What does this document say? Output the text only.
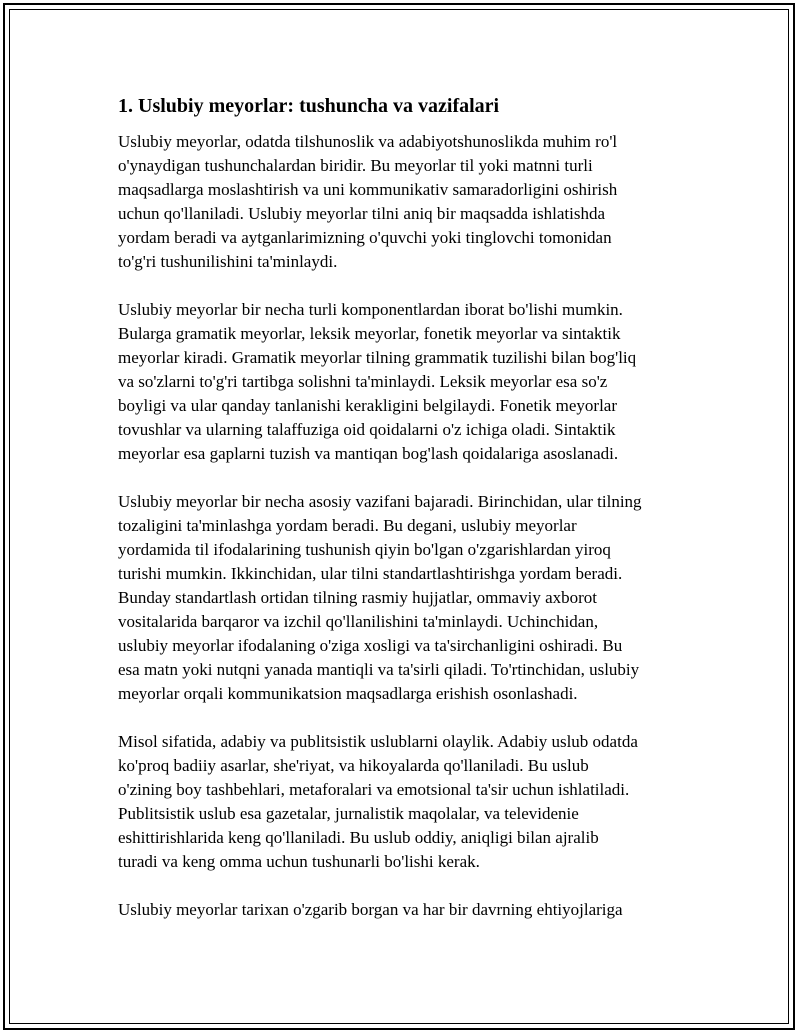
1. Uslubiy meyorlar: tushuncha va vazifalari

Uslubiy meyorlar, odatda tilshunoslik va adabiyotshunoslikda muhim ro'l
o'ynaydigan tushunchalardan biridir. Bu meyorlar til yoki matnni turli
maqsadlarga moslashtirish va uni kommunikativ samaradorligini oshirish
uchun qo'llaniladi. Uslubiy meyorlar tilni aniq bir maqsadda ishlatishda
yordam beradi va aytganlarimizning o'quvchi yoki tinglovchi tomonidan
to'g'ri tushunilishini ta'minlaydi.

Uslubiy meyorlar bir necha turli komponentlardan iborat bo'lishi mumkin.
Bularga gramatik meyorlar, leksik meyorlar, fonetik meyorlar va sintaktik
meyorlar kiradi. Gramatik meyorlar tilning grammatik tuzilishi bilan bog'liq
va so'zlarni to'g'ri tartibga solishni ta'minlaydi. Leksik meyorlar esa so'z
boyligi va ular qanday tanlanishi kerakligini belgilaydi. Fonetik meyorlar
tovushlar va ularning talaffuziga oid qoidalarni o'z ichiga oladi. Sintaktik
meyorlar esa gaplarni tuzish va mantiqan bog'lash qoidalariga asoslanadi.

Uslubiy meyorlar bir necha asosiy vazifani bajaradi. Birinchidan, ular tilning
tozaligini ta'minlashga yordam beradi. Bu degani, uslubiy meyorlar
yordamida til ifodalarining tushunish qiyin bo'lgan o'zgarishlardan yiroq
turishi mumkin. Ikkinchidan, ular tilni standartlashtirishga yordam beradi.
Bunday standartlash ortidan tilning rasmiy hujjatlar, ommaviy axborot
vositalarida barqaror va izchil qo'llanilishini ta'minlaydi. Uchinchidan,
uslubiy meyorlar ifodalaning o'ziga xosligi va ta'sirchanligini oshiradi. Bu
esa matn yoki nutqni yanada mantiqli va ta'sirli qiladi. To'rtinchidan, uslubiy
meyorlar orqali kommunikatsion maqsadlarga erishish osonlashadi.

Misol sifatida, adabiy va publitsistik uslublarni olaylik. Adabiy uslub odatda
ko'proq badiiy asarlar, she'riyat, va hikoyalarda qo'llaniladi. Bu uslub
o'zining boy tashbehlari, metaforalari va emotsional ta'sir uchun ishlatiladi.
Publitsistik uslub esa gazetalar, jurnalistik maqolalar, va televidenie
eshittirishlarida keng qo'llaniladi. Bu uslub oddiy, aniqligi bilan ajralib
turadi va keng omma uchun tushunarli bo'lishi kerak.

Uslubiy meyorlar tarixan o'zgarib borgan va har bir davrning ehtiyojlariga
